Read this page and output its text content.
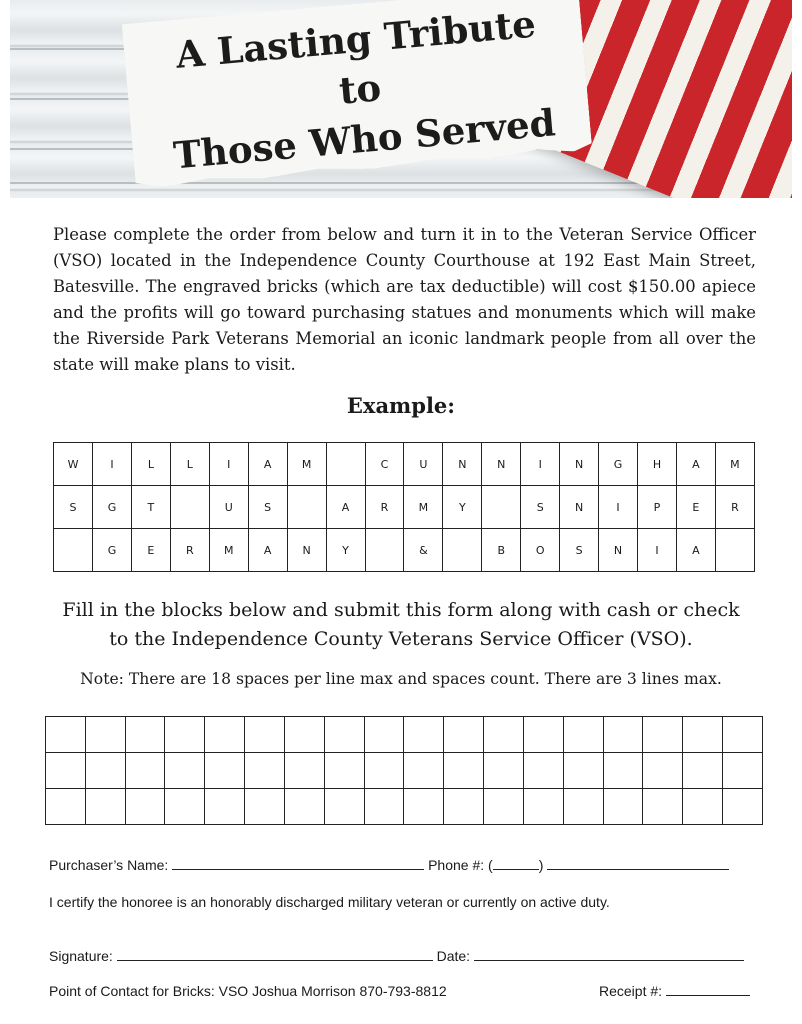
A Lasting Tribute to
Those Who Served

Please complete the order from below and turn it in to the Veteran Service Officer (VSO) located in the Independence County Courthouse at 192 East Main Street, Batesville. The engraved bricks (which are tax deductible) will cost $150.00 apiece and the profits will go toward purchasing statues and monuments which will make the Riverside Park Veterans Memorial an iconic landmark people from all over the state will make plans to visit.

Example:

W	I	L	L	I	A	M		C	U	N	N	I	N	G	H	A	M
S	G	T		U	S		A	R	M	Y		S	N	I	P	E	R
	G	E	R	M	A	N	Y		&		B	O	S	N	I	A	

Fill in the blocks below and submit this form along with cash or check
to the Independence County Veterans Service Officer (VSO).

Note: There are 18 spaces per line max and spaces count. There are 3 lines max.

Purchaser’s Name:	Phone #: (	)
I certify the honoree is an honorably discharged military veteran or currently on active duty.
Signature:	Date:
Point of Contact for Bricks: VSO Joshua Morrison 870-793-8812	Receipt #:
